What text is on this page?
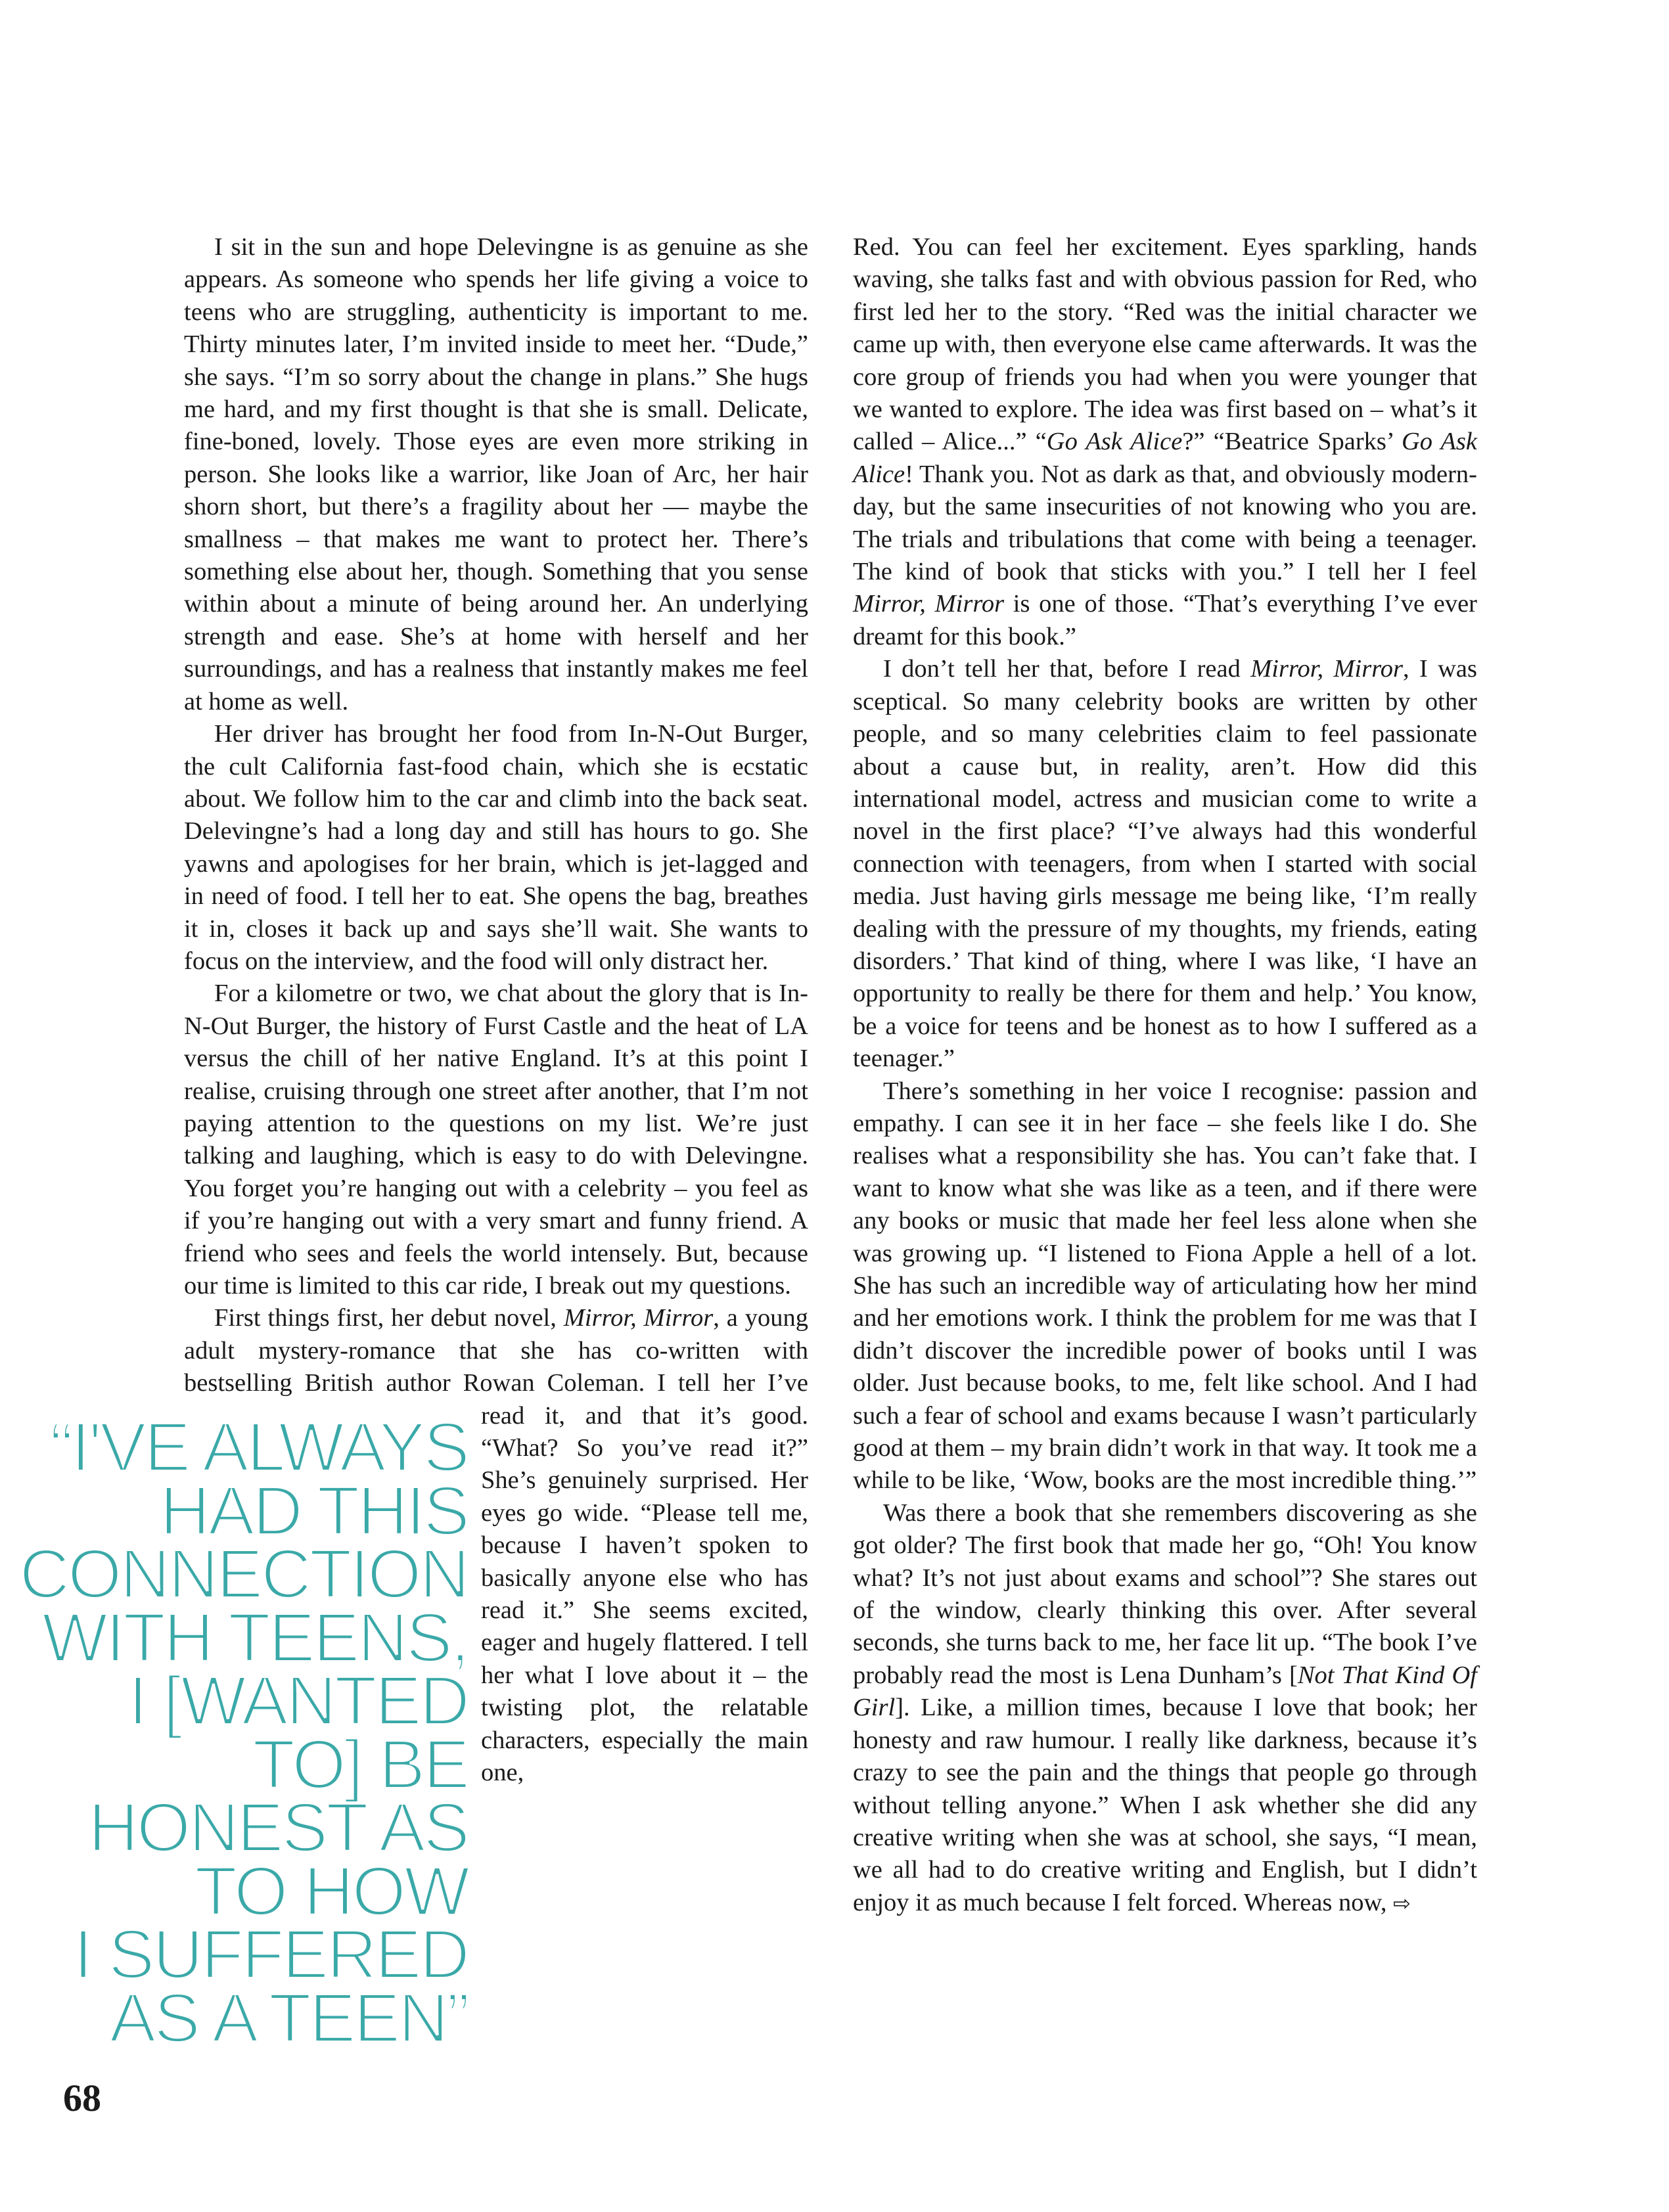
“I'VE ALWAYS
HAD THIS
CONNECTION
WITH TEENS,
I [WANTED
TO] BE
HONEST AS
TO HOW
I SUFFERED
AS A TEEN”

I sit in the sun and hope Delevingne is as genuine as she appears. As someone who spends her life giving a voice to teens who are struggling, authenticity is important to me. Thirty minutes later, I’m invited inside to meet her. “Dude,” she says. “I’m so sorry about the change in plans.” She hugs me hard, and my first thought is that she is small. Delicate, fine-boned, lovely. Those eyes are even more striking in person. She looks like a warrior, like Joan of Arc, her hair shorn short, but there’s a fragility about her — maybe the smallness – that makes me want to protect her. There’s something else about her, though. Something that you sense within about a minute of being around her. An underlying strength and ease. She’s at home with herself and her surroundings, and has a realness that instantly makes me feel at home as well.

Her driver has brought her food from In-N-Out Burger, the cult California fast-food chain, which she is ecstatic about. We follow him to the car and climb into the back seat. Delevingne’s had a long day and still has hours to go. She yawns and apologises for her brain, which is jet-lagged and in need of food. I tell her to eat. She opens the bag, breathes it in, closes it back up and says she’ll wait. She wants to focus on the interview, and the food will only distract her.

For a kilometre or two, we chat about the glory that is In-N-Out Burger, the history of Furst Castle and the heat of LA versus the chill of her native England. It’s at this point I realise, cruising through one street after another, that I’m not paying attention to the questions on my list. We’re just talking and laughing, which is easy to do with Delevingne. You forget you’re hanging out with a celebrity – you feel as if you’re hanging out with a very smart and funny friend. A friend who sees and feels the world intensely. But, because our time is limited to this car ride, I break out my questions.

First things first, her debut novel, Mirror, Mirror, a young adult mystery-romance that she has co-written with bestselling British author Rowan Coleman. I tell her I’ve read it, and that it’s good. “What? So you’ve read it?” She’s genuinely surprised. Her eyes go wide. “Please tell me, because I haven’t spoken to basically anyone else who has read it.” She seems excited, eager and hugely flattered. I tell her what I love about it – the twisting plot, the relatable characters, especially the main one,

Red. You can feel her excitement. Eyes sparkling, hands waving, she talks fast and with obvious passion for Red, who first led her to the story. “Red was the initial character we came up with, then everyone else came afterwards. It was the core group of friends you had when you were younger that we wanted to explore. The idea was first based on – what’s it called – Alice...” “Go Ask Alice?” “Beatrice Sparks’ Go Ask Alice! Thank you. Not as dark as that, and obviously modern-day, but the same insecurities of not knowing who you are. The trials and tribulations that come with being a teenager. The kind of book that sticks with you.” I tell her I feel Mirror, Mirror is one of those. “That’s everything I’ve ever dreamt for this book.”

I don’t tell her that, before I read Mirror, Mirror, I was sceptical. So many celebrity books are written by other people, and so many celebrities claim to feel passionate about a cause but, in reality, aren’t. How did this international model, actress and musician come to write a novel in the first place? “I’ve always had this wonderful connection with teenagers, from when I started with social media. Just having girls message me being like, ‘I’m really dealing with the pressure of my thoughts, my friends, eating disorders.’ That kind of thing, where I was like, ‘I have an opportunity to really be there for them and help.’ You know, be a voice for teens and be honest as to how I suffered as a teenager.”

There’s something in her voice I recognise: passion and empathy. I can see it in her face – she feels like I do. She realises what a responsibility she has. You can’t fake that. I want to know what she was like as a teen, and if there were any books or music that made her feel less alone when she was growing up. “I listened to Fiona Apple a hell of a lot. She has such an incredible way of articulating how her mind and her emotions work. I think the problem for me was that I didn’t discover the incredible power of books until I was older. Just because books, to me, felt like school. And I had such a fear of school and exams because I wasn’t particularly good at them – my brain didn’t work in that way. It took me a while to be like, ‘Wow, books are the most incredible thing.’”

Was there a book that she remembers discovering as she got older? The first book that made her go, “Oh! You know what? It’s not just about exams and school”? She stares out of the window, clearly thinking this over. After several seconds, she turns back to me, her face lit up. “The book I’ve probably read the most is Lena Dunham’s [Not That Kind Of Girl]. Like, a million times, because I love that book; her honesty and raw humour. I really like darkness, because it’s crazy to see the pain and the things that people go through without telling anyone.” When I ask whether she did any creative writing when she was at school, she says, “I mean, we all had to do creative writing and English, but I didn’t enjoy it as much because I felt forced. Whereas now, ⇨

68
